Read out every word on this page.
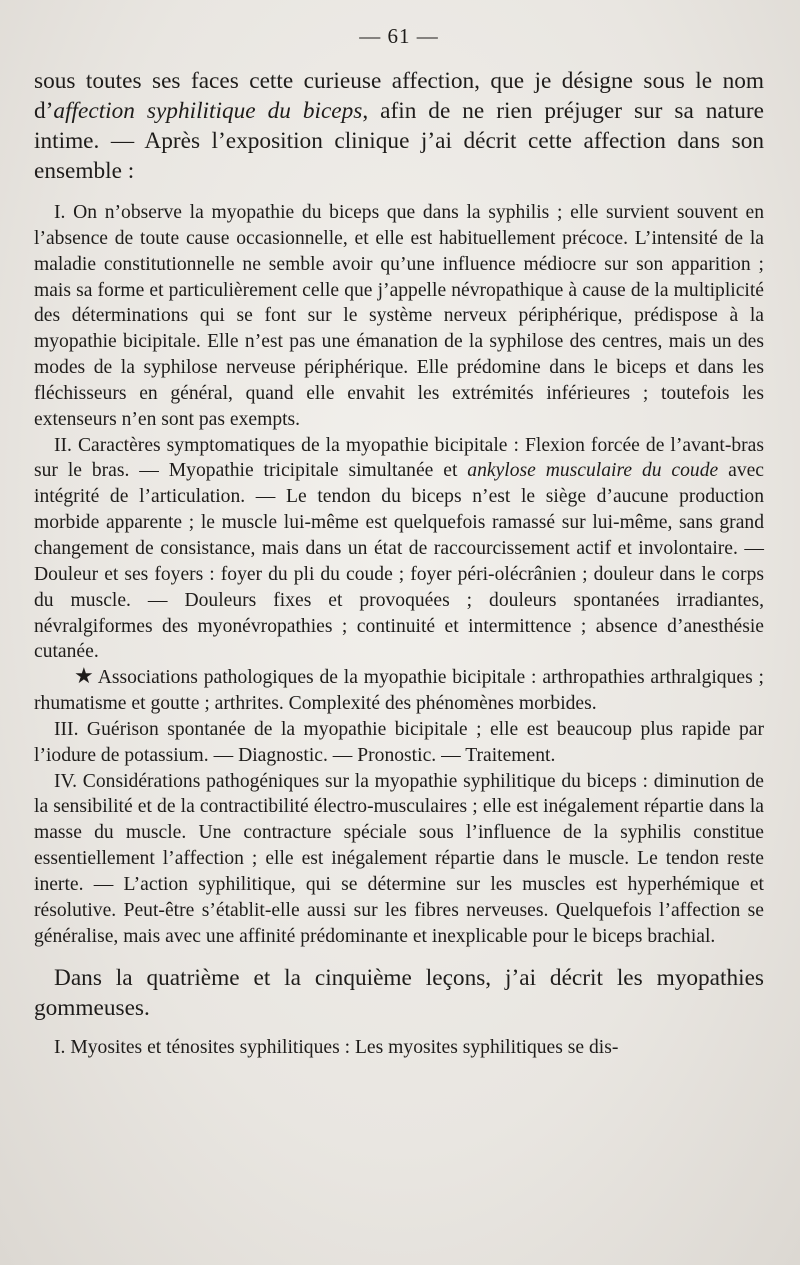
— 61 —

sous toutes ses faces cette curieuse affection, que je désigne sous le nom d’affection syphilitique du biceps, afin de ne rien préjuger sur sa nature intime. — Après l’exposition clinique j’ai décrit cette affection dans son ensemble :

I. On n’observe la myopathie du biceps que dans la syphilis ; elle survient souvent en l’absence de toute cause occasionnelle, et elle est habituellement précoce. L’intensité de la maladie constitutionnelle ne semble avoir qu’une influence médiocre sur son apparition ; mais sa forme et particulièrement celle que j’appelle névropathique à cause de la multiplicité des déterminations qui se font sur le système nerveux périphérique, prédispose à la myopathie bicipitale. Elle n’est pas une émanation de la syphilose des centres, mais un des modes de la syphilose nerveuse périphérique. Elle prédomine dans le biceps et dans les fléchisseurs en général, quand elle envahit les extrémités inférieures ; toutefois les extenseurs n’en sont pas exempts.

II. Caractères symptomatiques de la myopathie bicipitale : Flexion forcée de l’avant-bras sur le bras. — Myopathie tricipitale simultanée et ankylose musculaire du coude avec intégrité de l’articulation. — Le tendon du biceps n’est le siège d’aucune production morbide apparente ; le muscle lui-même est quelquefois ramassé sur lui-même, sans grand changement de consistance, mais dans un état de raccourcissement actif et involontaire. — Douleur et ses foyers : foyer du pli du coude ; foyer péri-olécrânien ; douleur dans le corps du muscle. — Douleurs fixes et provoquées ; douleurs spontanées irradiantes, névralgiformes des myonévropathies ; continuité et intermittence ; absence d’anesthésie cutanée.

★ Associations pathologiques de la myopathie bicipitale : arthropathies arthralgiques ; rhumatisme et goutte ; arthrites. Complexité des phénomènes morbides.

III. Guérison spontanée de la myopathie bicipitale ; elle est beaucoup plus rapide par l’iodure de potassium. — Diagnostic. — Pronostic. — Traitement.

IV. Considérations pathogéniques sur la myopathie syphilitique du biceps : diminution de la sensibilité et de la contractibilité électro-musculaires ; elle est inégalement répartie dans la masse du muscle. Une contracture spéciale sous l’influence de la syphilis constitue essentiellement l’affection ; elle est inégalement répartie dans le muscle. Le tendon reste inerte. — L’action syphilitique, qui se détermine sur les muscles est hyperhémique et résolutive. Peut-être s’établit-elle aussi sur les fibres nerveuses. Quelquefois l’affection se généralise, mais avec une affinité prédominante et inexplicable pour le biceps brachial.

Dans la quatrième et la cinquième leçons, j’ai décrit les myopathies gommeuses.

I. Myosites et ténosites syphilitiques : Les myosites syphilitiques se dis-
